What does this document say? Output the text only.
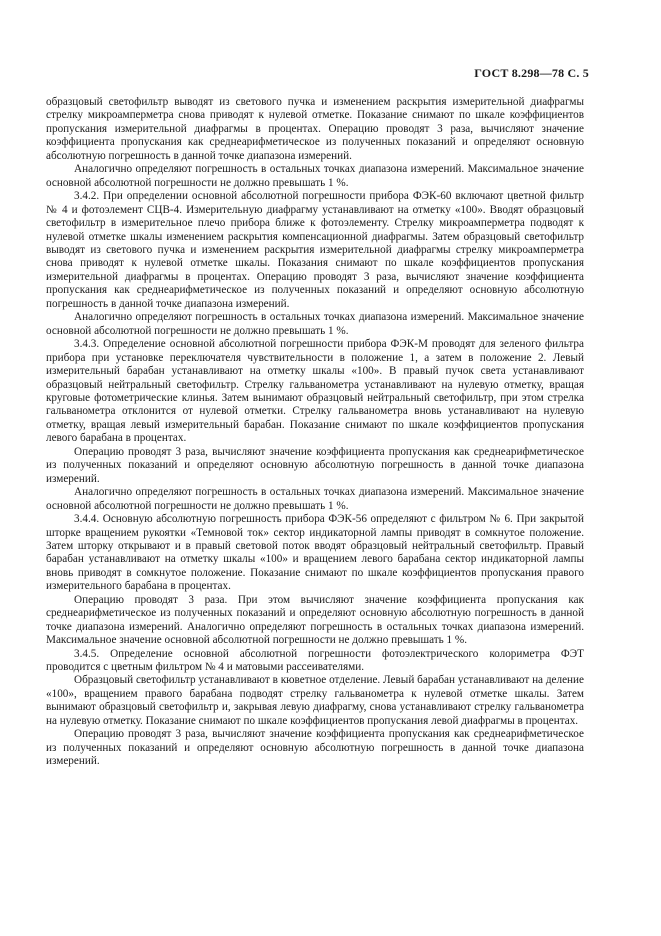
ГОСТ 8.298—78 С. 5

образцовый светофильтр выводят из светового пучка и изменением раскрытия измерительной диафрагмы стрелку микроамперметра снова приводят к нулевой отметке. Показание снимают по шкале коэффициентов пропускания измерительной диафрагмы в процентах. Операцию проводят 3 раза, вычисляют значение коэффициента пропускания как среднеарифметическое из полученных показаний и определяют основную абсолютную погрешность в данной точке диапазона измерений.

Аналогично определяют погрешность в остальных точках диапазона измерений. Максимальное значение основной абсолютной погрешности не должно превышать 1 %.

3.4.2. При определении основной абсолютной погрешности прибора ФЭК-60 включают цветной фильтр № 4 и фотоэлемент СЦВ-4. Измерительную диафрагму устанавливают на отметку «100». Вводят образцовый светофильтр в измерительное плечо прибора ближе к фотоэлементу. Стрелку микроамперметра подводят к нулевой отметке шкалы изменением раскрытия компенсационной диафрагмы. Затем образцовый светофильтр выводят из светового пучка и изменением раскрытия измерительной диафрагмы стрелку микроамперметра снова приводят к нулевой отметке шкалы. Показания снимают по шкале коэффициентов пропускания измерительной диафрагмы в процентах. Операцию проводят 3 раза, вычисляют значение коэффициента пропускания как среднеарифметическое из полученных показаний и определяют основную абсолютную погрешность в данной точке диапазона измерений.

Аналогично определяют погрешность в остальных точках диапазона измерений. Максимальное значение основной абсолютной погрешности не должно превышать 1 %.

3.4.3. Определение основной абсолютной погрешности прибора ФЭК-М проводят для зеленого фильтра прибора при установке переключателя чувствительности в положение 1, а затем в положение 2. Левый измерительный барабан устанавливают на отметку шкалы «100». В правый пучок света устанавливают образцовый нейтральный светофильтр. Стрелку гальванометра устанавливают на нулевую отметку, вращая круговые фотометрические клинья. Затем вынимают образцовый нейтральный светофильтр, при этом стрелка гальванометра отклонится от нулевой отметки. Стрелку гальванометра вновь устанавливают на нулевую отметку, вращая левый измерительный барабан. Показание снимают по шкале коэффициентов пропускания левого барабана в процентах.

Операцию проводят 3 раза, вычисляют значение коэффициента пропускания как среднеарифметическое из полученных показаний и определяют основную абсолютную погрешность в данной точке диапазона измерений.

Аналогично определяют погрешность в остальных точках диапазона измерений. Максимальное значение основной абсолютной погрешности не должно превышать 1 %.

3.4.4. Основную абсолютную погрешность прибора ФЭК-56 определяют с фильтром № 6. При закрытой шторке вращением рукоятки «Темновой ток» сектор индикаторной лампы приводят в сомкнутое положение. Затем шторку открывают и в правый световой поток вводят образцовый нейтральный светофильтр. Правый барабан устанавливают на отметку шкалы «100» и вращением левого барабана сектор индикаторной лампы вновь приводят в сомкнутое положение. Показание снимают по шкале коэффициентов пропускания правого измерительного барабана в процентах.

Операцию проводят 3 раза. При этом вычисляют значение коэффициента пропускания как среднеарифметическое из полученных показаний и определяют основную абсолютную погрешность в данной точке диапазона измерений. Аналогично определяют погрешность в остальных точках диапазона измерений. Максимальное значение основной абсолютной погрешности не должно превышать 1 %.

3.4.5. Определение основной абсолютной погрешности фотоэлектрического колориметра ФЭТ проводится с цветным фильтром № 4 и матовыми рассеивателями.

Образцовый светофильтр устанавливают в кюветное отделение. Левый барабан устанавливают на деление «100», вращением правого барабана подводят стрелку гальванометра к нулевой отметке шкалы. Затем вынимают образцовый светофильтр и, закрывая левую диафрагму, снова устанавливают стрелку гальванометра на нулевую отметку. Показание снимают по шкале коэффициентов пропускания левой диафрагмы в процентах.

Операцию проводят 3 раза, вычисляют значение коэффициента пропускания как среднеарифметическое из полученных показаний и определяют основную абсолютную погрешность в данной точке диапазона измерений.
